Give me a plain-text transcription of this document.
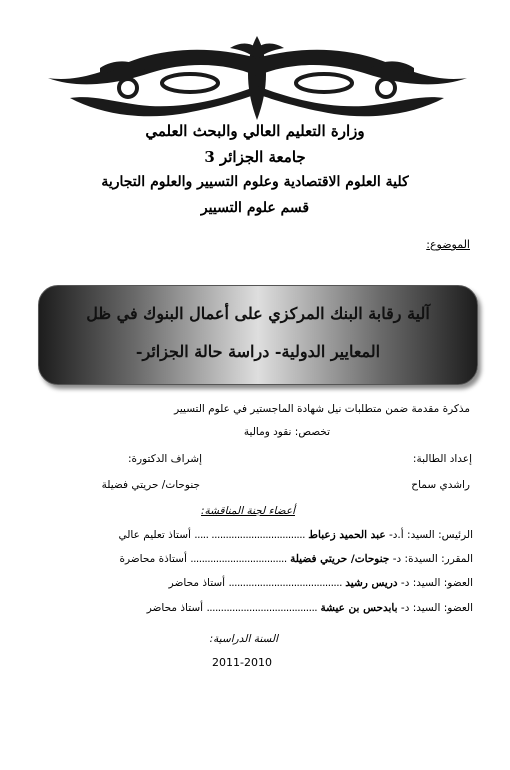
وزارة التعليم العالي والبحث العلمي
جامعة الجزائر 3
كلية العلوم الاقتصادية وعلوم التسيير والعلوم التجارية
قسم علوم التسيير
الموضوع:
آلية رقابة البنك المركزي على أعمال البنوك في ظل
المعايير الدولية- دراسة حالة الجزائر-
مذكرة مقدمة ضمن متطلبات نيل شهادة الماجستير في علوم التسيير
تخصص: نقود ومالية
إعداد الطالبة:
إشراف الدكتورة:
راشدي سماح
جنوحات/ حريتي فضيلة
أعضاء لجنة المناقشة:
الرئيس: السيد: أ.د- عبد الحميد زعباط ................................. ..... أستاذ تعليم عالي
المقرر: السيدة: د- جنوحات/ حريتي فضيلة .................................. أستاذة محاضرة
العضو: السيد: د- دريس رشيد ........................................ أستاذ محاضر
العضو: السيد: د- بابدحس بن عيشة ....................................... أستاذ محاضر
السنة الدراسية:
2011-2010
